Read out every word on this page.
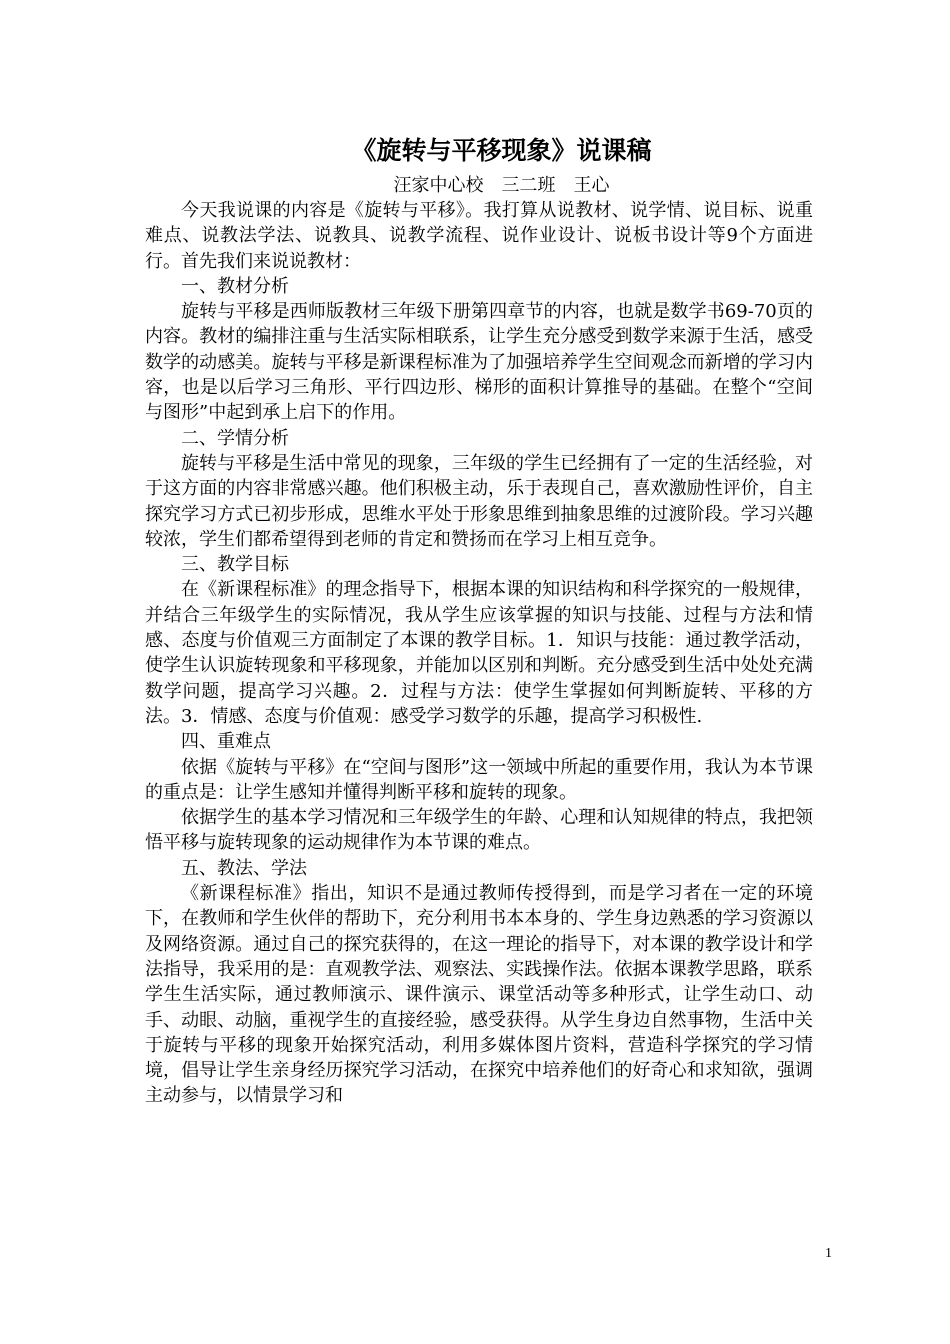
《旋转与平移现象》说课稿
汪家中心校　三二班　王心

今天我说课的内容是《旋转与平移》。我打算从说教材、说学情、说目标、说重难点、说教法学法、说教具、说教学流程、说作业设计、说板书设计等9个方面进行。首先我们来说说教材：

一、教材分析

旋转与平移是西师版教材三年级下册第四章节的内容，也就是数学书69-70页的内容。教材的编排注重与生活实际相联系，让学生充分感受到数学来源于生活，感受数学的动感美。旋转与平移是新课程标准为了加强培养学生空间观念而新增的学习内容，也是以后学习三角形、平行四边形、梯形的面积计算推导的基础。在整个“空间与图形”中起到承上启下的作用。

二、学情分析

旋转与平移是生活中常见的现象，三年级的学生已经拥有了一定的生活经验，对于这方面的内容非常感兴趣。他们积极主动，乐于表现自己，喜欢激励性评价，自主探究学习方式已初步形成，思维水平处于形象思维到抽象思维的过渡阶段。学习兴趣较浓，学生们都希望得到老师的肯定和赞扬而在学习上相互竞争。

三、教学目标

在《新课程标准》的理念指导下，根据本课的知识结构和科学探究的一般规律，并结合三年级学生的实际情况，我从学生应该掌握的知识与技能、过程与方法和情感、态度与价值观三方面制定了本课的教学目标。1．知识与技能：通过教学活动，使学生认识旋转现象和平移现象，并能加以区别和判断。充分感受到生活中处处充满数学问题，提高学习兴趣。2．过程与方法：使学生掌握如何判断旋转、平移的方法。3．情感、态度与价值观：感受学习数学的乐趣，提高学习积极性.

四、重难点

依据《旋转与平移》在“空间与图形”这一领域中所起的重要作用，我认为本节课的重点是：让学生感知并懂得判断平移和旋转的现象。

依据学生的基本学习情况和三年级学生的年龄、心理和认知规律的特点，我把领悟平移与旋转现象的运动规律作为本节课的难点。

五、教法、学法

《新课程标准》指出，知识不是通过教师传授得到，而是学习者在一定的环境下，在教师和学生伙伴的帮助下，充分利用书本本身的、学生身边熟悉的学习资源以及网络资源。通过自己的探究获得的，在这一理论的指导下，对本课的教学设计和学法指导，我采用的是：直观教学法、观察法、实践操作法。依据本课教学思路，联系学生生活实际，通过教师演示、课件演示、课堂活动等多种形式，让学生动口、动手、动眼、动脑，重视学生的直接经验，感受获得。从学生身边自然事物，生活中关于旋转与平移的现象开始探究活动，利用多媒体图片资料，营造科学探究的学习情境，倡导让学生亲身经历探究学习活动，在探究中培养他们的好奇心和求知欲，强调主动参与，以情景学习和

1
